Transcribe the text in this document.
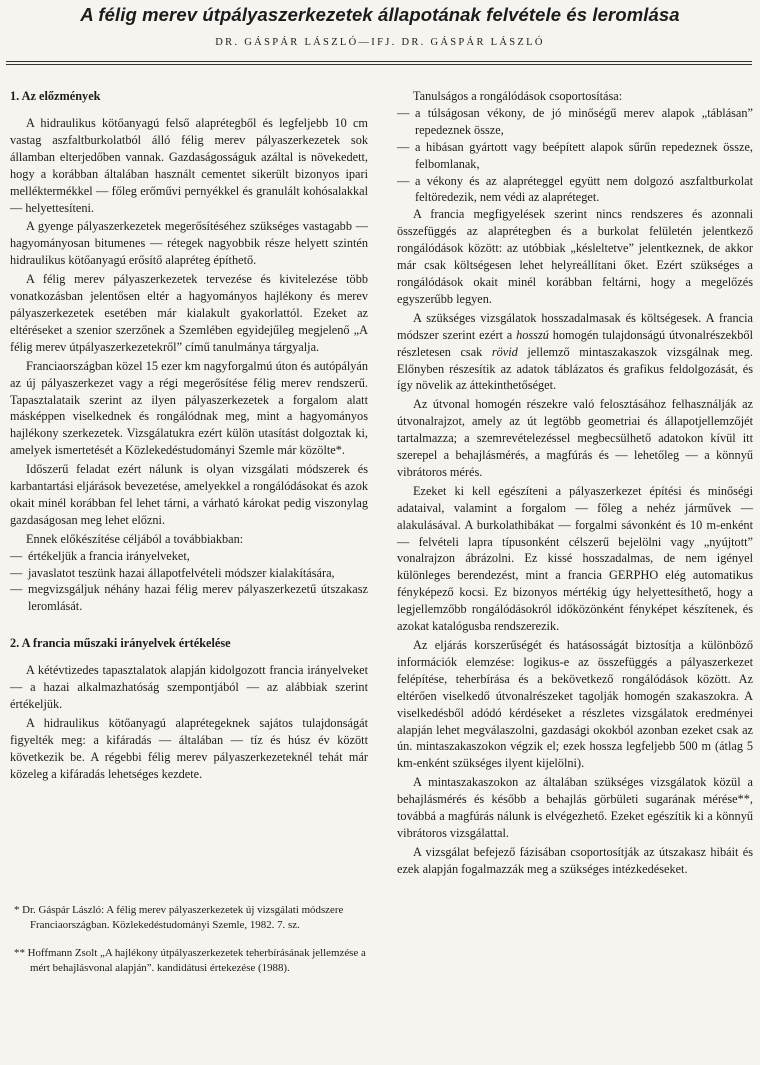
A félig merev útpályaszerkezetek állapotának felvétele és leromlása
DR. GÁSPÁR LÁSZLÓ—IFJ. DR. GÁSPÁR LÁSZLÓ
1. Az előzmények

A hidraulikus kötőanyagú felső alaprétegből és legfeljebb 10 cm vastag aszfaltburkolatból álló félig merev pályaszerkezetek sok államban elterjedőben vannak. Gazdaságosságuk azáltal is növekedett, hogy a korábban általában használt cementet sikerült bizonyos ipari melléktermékkel — főleg erőművi pernyékkel és granulált kohósalakkal — helyettesíteni.

A gyenge pályaszerkezetek megerősítéséhez szükséges vastagabb — hagyományosan bitumenes — rétegek nagyobbik része helyett szintén hidraulikus kötőanyagú erősítő alapréteg építhető.

A félig merev pályaszerkezetek tervezése és kivitelezése több vonatkozásban jelentősen eltér a hagyományos hajlékony és merev pályaszerkezetek esetében már kialakult gyakorlattól. Ezeket az eltéréseket a szenior szerzőnek a Szemlében egyidejűleg megjelenő „A félig merev útpályaszerkezetekről” című tanulmánya tárgyalja.

Franciaországban közel 15 ezer km nagyforgalmú úton és autópályán az új pályaszerkezet vagy a régi megerősítése félig merev rendszerű. Tapasztalataik szerint az ilyen pályaszerkezetek a forgalom alatt másképpen viselkednek és rongálódnak meg, mint a hagyományos hajlékony szerkezetek. Vizsgálatukra ezért külön utasítást dolgoztak ki, amelyek ismertetését a Közlekedéstudományi Szemle már közölte*.

Időszerű feladat ezért nálunk is olyan vizsgálati módszerek és karbantartási eljárások bevezetése, amelyekkel a rongálódásokat és azok okait minél korábban fel lehet tárni, a várható károkat pedig viszonylag gazdaságosan meg lehet előzni.

Ennek előkészítése céljából a továbbiakban:

— értékeljük a francia irányelveket,
— javaslatot teszünk hazai állapotfelvételi módszer kialakítására,
— megvizsgáljuk néhány hazai félig merev pályaszerkezetű útszakasz leromlását.
2. A francia műszaki irányelvek értékelése

A kétévtizedes tapasztalatok alapján kidolgozott francia irányelveket — a hazai alkalmazhatóság szempontjából — az alábbiak szerint értékeljük.

A hidraulikus kötőanyagú alaprétegeknek sajátos tulajdonságát figyelték meg: a kifáradás — általában — tíz és húsz év között következik be. A régebbi félig merev pályaszerkezeteknél tehát már közeleg a kifáradás lehetséges kezdete.

* Dr. Gáspár László: A félig merev pályaszerkezetek új vizsgálati módszere Franciaországban. Közlekedéstudományi Szemle, 1982. 7. sz.

** Hoffmann Zsolt „A hajlékony útpályaszerkezetek teherbírásának jellemzése a mért behajlásvonal alapján”. kandidátusi értekezése (1988).

Tanulságos a rongálódások csoportosítása:

— a túlságosan vékony, de jó minőségű merev alapok „táblásan” repedeznek össze,
— a hibásan gyártott vagy beépített alapok sűrűn repedeznek össze, felbomlanak,
— a vékony és az alapréteggel együtt nem dolgozó aszfaltburkolat feltöredezik, nem védi az alapréteget.

A francia megfigyelések szerint nincs rendszeres és azonnali összefüggés az alaprétegben és a burkolat felületén jelentkező rongálódások között: az utóbbiak „késleltetve” jelentkeznek, de akkor már csak költségesen lehet helyreállítani őket. Ezért szükséges a rongálódások okait minél korábban feltárni, hogy a megelőzés egyszerűbb legyen.

A szükséges vizsgálatok hosszadalmasak és költségesek. A francia módszer szerint ezért a hosszú homogén tulajdonságú útvonalrészekből részletesen csak rövid jellemző mintaszakaszok vizsgálnak meg. Előnyben részesítik az adatok táblázatos és grafikus feldolgozását, és így növelik az áttekinthetőséget.

Az útvonal homogén részekre való felosztásához felhasználják az útvonalrajzot, amely az út legtöbb geometriai és állapotjellemzőjét tartalmazza; a szemrevételezéssel megbecsülhető adatokon kívül itt szerepel a behajlásmérés, a magfúrás és — lehetőleg — a könnyű vibrátoros mérés.

Ezeket ki kell egészíteni a pályaszerkezet építési és minőségi adataival, valamint a forgalom — főleg a nehéz járművek — alakulásával. A burkolathibákat — forgalmi sávonként és 10 m-enként — felvételi lapra típusonként célszerű bejelölni vagy „nyújtott” vonalrajzon ábrázolni. Ez kissé hosszadalmas, de nem igényel különleges berendezést, mint a francia GERPHO elég automatikus fényképező kocsi. Ez bizonyos mértékig úgy helyettesíthető, hogy a legjellemzőbb rongálódásokról időközönként fényképet készítenek, és azokat katalógusba rendszerezik.

Az eljárás korszerűségét és hatásosságát biztosítja a különböző információk elemzése: logikus-e az összefüggés a pályaszerkezet felépítése, teherbírása és a bekövetkező rongálódások között. Az eltérően viselkedő útvonalrészeket tagolják homogén szakaszokra. A viselkedésből adódó kérdéseket a részletes vizsgálatok eredményei alapján lehet megválaszolni, gazdasági okokból azonban ezeket csak az ún. mintaszakaszokon végzik el; ezek hossza legfeljebb 500 m (átlag 5 km-enként szükséges ilyent kijelölni).

A mintaszakaszokon az általában szükséges vizsgálatok közül a behajlásmérés és később a behajlás görbületi sugarának mérése**, továbbá a magfúrás nálunk is elvégezhető. Ezeket egészítik ki a könnyű vibrátoros vizsgálattal.

A vizsgálat befejező fázisában csoportosítják az útszakasz hibáit és ezek alapján fogalmazzák meg a szükséges intézkedéseket.
